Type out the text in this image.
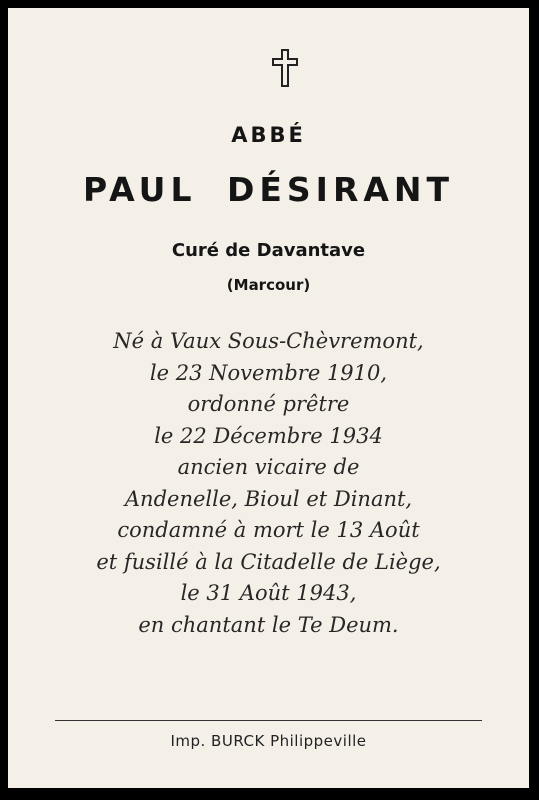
ABBÉ
PAUL DÉSIRANT
Curé de Davantave
(Marcour)
Né à Vaux Sous-Chèvremont,
le 23 Novembre 1910,
ordonné prêtre
le 22 Décembre 1934
ancien vicaire de
Andenelle, Bioul et Dinant,
condamné à mort le 13 Août
et fusillé à la Citadelle de Liège,
le 31 Août 1943,
en chantant le Te Deum.
Imp. BURCK Philippeville
